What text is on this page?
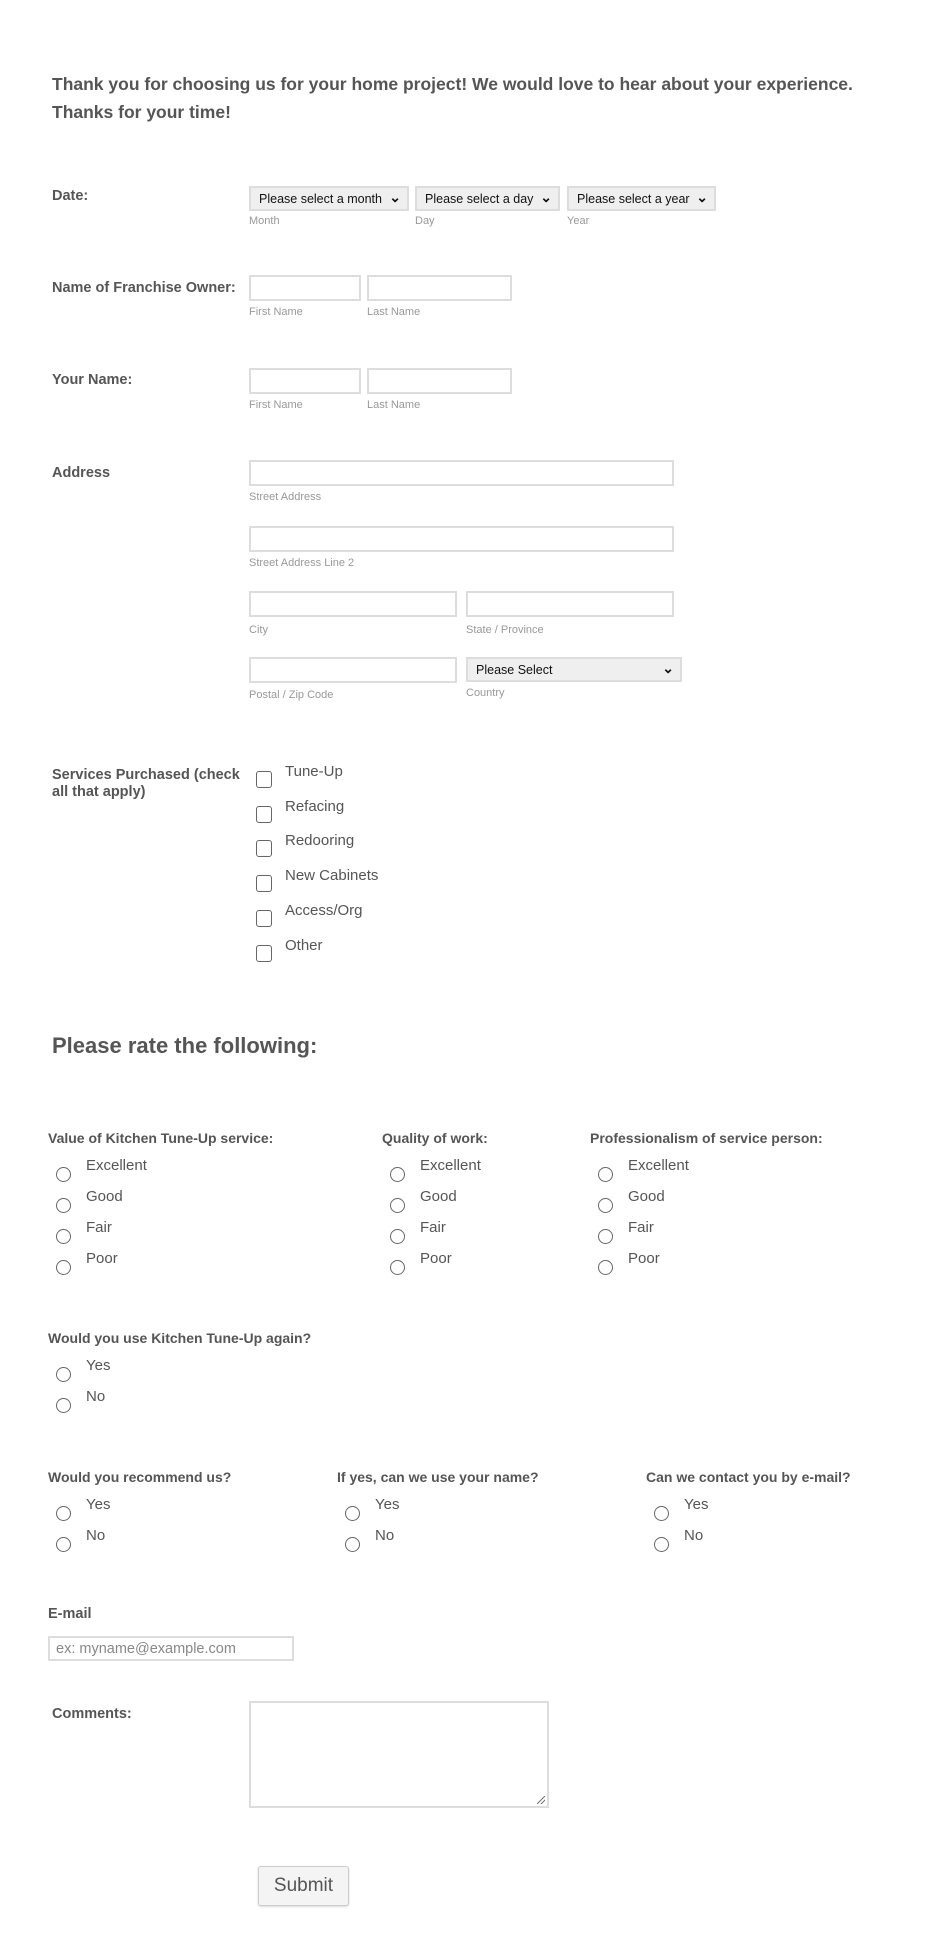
Thank you for choosing us for your home project! We would love to hear about your experience.
Thanks for your time!
Date:	Please select a month ⌄	Please select a day ⌄	Please select a year ⌄
Month	Day	Year
Name of Franchise Owner:
First Name	Last Name
Your Name:
First Name	Last Name
Address
Street Address
Street Address Line 2
City	State / Province
Please Select	⌄
Postal / Zip Code	Country
Services Purchased (check all that apply)
Tune-Up
Refacing
Redooring
New Cabinets
Access/Org
Other
Please rate the following:
Value of Kitchen Tune-Up service:
Excellent
Good
Fair
Poor
Quality of work:
Excellent
Good
Fair
Poor
Professionalism of service person:
Excellent
Good
Fair
Poor
Would you use Kitchen Tune-Up again?
Yes
No
Would you recommend us?
Yes
No
If yes, can we use your name?
Yes
No
Can we contact you by e-mail?
Yes
No
E-mail
ex: myname@example.com
Comments:
Submit
